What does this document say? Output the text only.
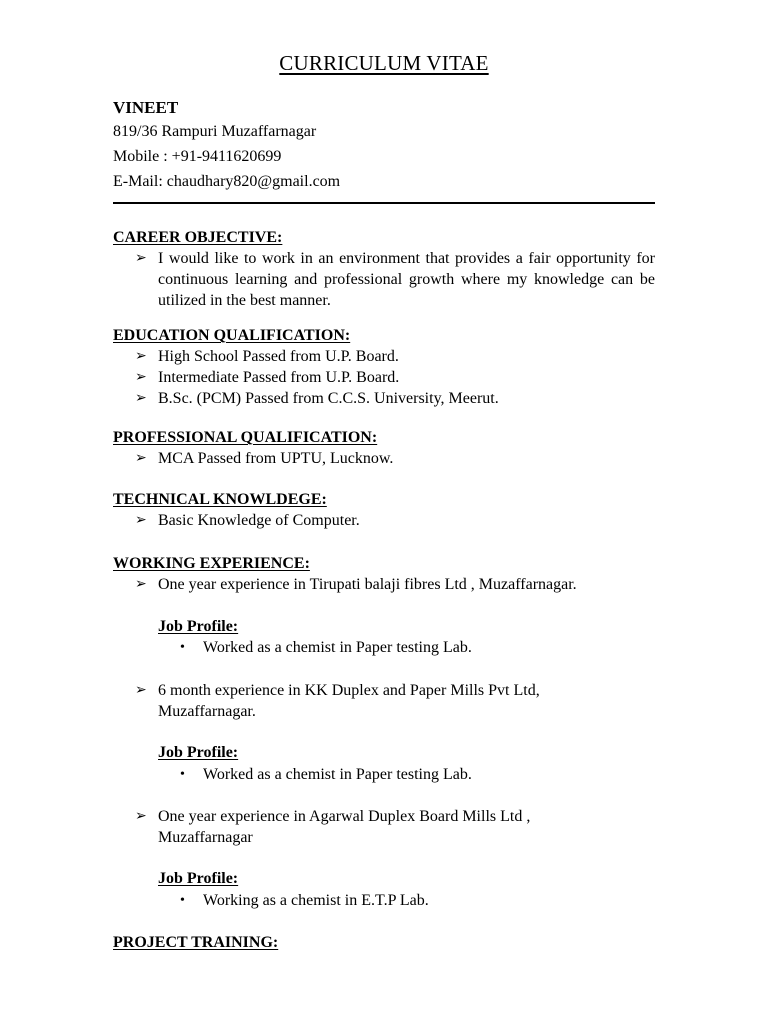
CURRICULUM VITAE
VINEET
819/36 Rampuri Muzaffarnagar
Mobile : +91-9411620699
E-Mail: chaudhary820@gmail.com
CAREER OBJECTIVE:
➢ I would like to work in an environment that provides a fair opportunity for continuous learning and professional growth where my knowledge can be utilized in the best manner.
EDUCATION QUALIFICATION:
➢ High School Passed from U.P. Board.
➢ Intermediate Passed from U.P. Board.
➢ B.Sc. (PCM) Passed from C.C.S. University, Meerut.
PROFESSIONAL QUALIFICATION:
➢ MCA Passed from UPTU, Lucknow.
TECHNICAL KNOWLDEGE:
➢ Basic Knowledge of Computer.
WORKING EXPERIENCE:
➢ One year experience in Tirupati balaji fibres Ltd , Muzaffarnagar.
Job Profile:
• Worked as a chemist in Paper testing Lab.
➢ 6 month experience in KK Duplex and Paper Mills Pvt Ltd,
Muzaffarnagar.
Job Profile:
• Worked as a chemist in Paper testing Lab.
➢ One year experience in Agarwal Duplex Board Mills Ltd ,
Muzaffarnagar
Job Profile:
• Working as a chemist in E.T.P Lab.
PROJECT TRAINING:
